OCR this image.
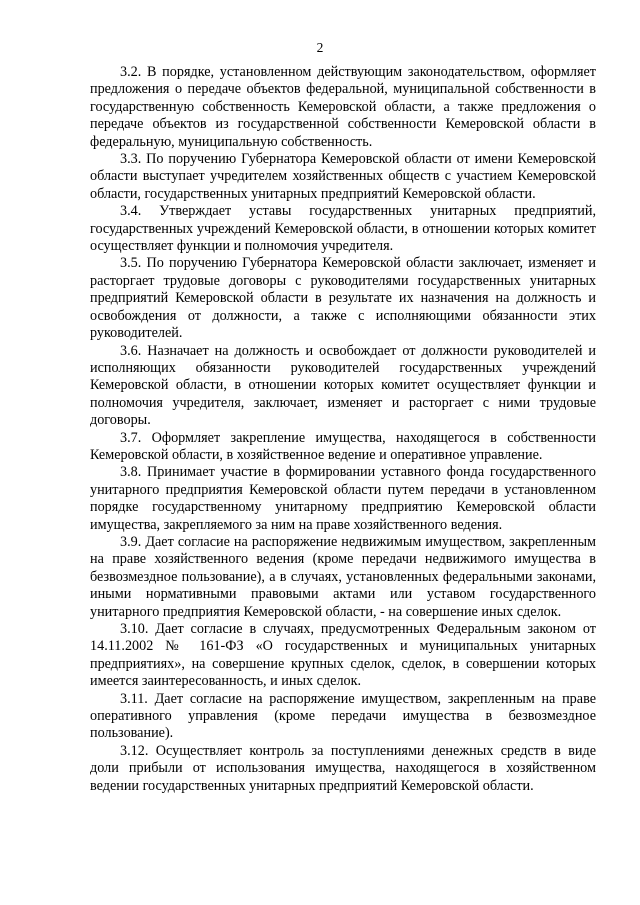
2

3.2. В порядке, установленном действующим законодательством, оформляет предложения о передаче объектов федеральной, муниципальной собственности в государственную собственность Кемеровской области, а также предложения о передаче объектов из государственной собственности Кемеровской области в федеральную, муниципальную собственность.

3.3. По поручению Губернатора Кемеровской области от имени Кемеровской области выступает учредителем хозяйственных обществ с участием Кемеровской области, государственных унитарных предприятий Кемеровской области.

3.4. Утверждает уставы государственных унитарных предприятий, государственных учреждений Кемеровской области, в отношении которых комитет осуществляет функции и полномочия учредителя.

3.5. По поручению Губернатора Кемеровской области заключает, изменяет и расторгает трудовые договоры с руководителями государственных унитарных предприятий Кемеровской области в результате их назначения на должность и освобождения от должности, а также с исполняющими обязанности этих руководителей.

3.6. Назначает на должность и освобождает от должности руководителей и исполняющих обязанности руководителей государственных учреждений Кемеровской области, в отношении которых комитет осуществляет функции и полномочия учредителя, заключает, изменяет и расторгает с ними трудовые договоры.

3.7. Оформляет закрепление имущества, находящегося в собственности Кемеровской области, в хозяйственное ведение и оперативное управление.

3.8. Принимает участие в формировании уставного фонда государственного унитарного предприятия Кемеровской области путем передачи в установленном порядке государственному унитарному предприятию Кемеровской области имущества, закрепляемого за ним на праве хозяйственного ведения.

3.9. Дает согласие на распоряжение недвижимым имуществом, закрепленным на праве хозяйственного ведения (кроме передачи недвижимого имущества в безвозмездное пользование), а в случаях, установленных федеральными законами, иными нормативными правовыми актами или уставом государственного унитарного предприятия Кемеровской области, - на совершение иных сделок.

3.10. Дает согласие в случаях, предусмотренных Федеральным законом от 14.11.2002 № 161-ФЗ «О государственных и муниципальных унитарных предприятиях», на совершение крупных сделок, сделок, в совершении которых имеется заинтересованность, и иных сделок.

3.11. Дает согласие на распоряжение имуществом, закрепленным на праве оперативного управления (кроме передачи имущества в безвозмездное пользование).

3.12. Осуществляет контроль за поступлениями денежных средств в виде доли прибыли от использования имущества, находящегося в хозяйственном ведении государственных унитарных предприятий Кемеровской области.
